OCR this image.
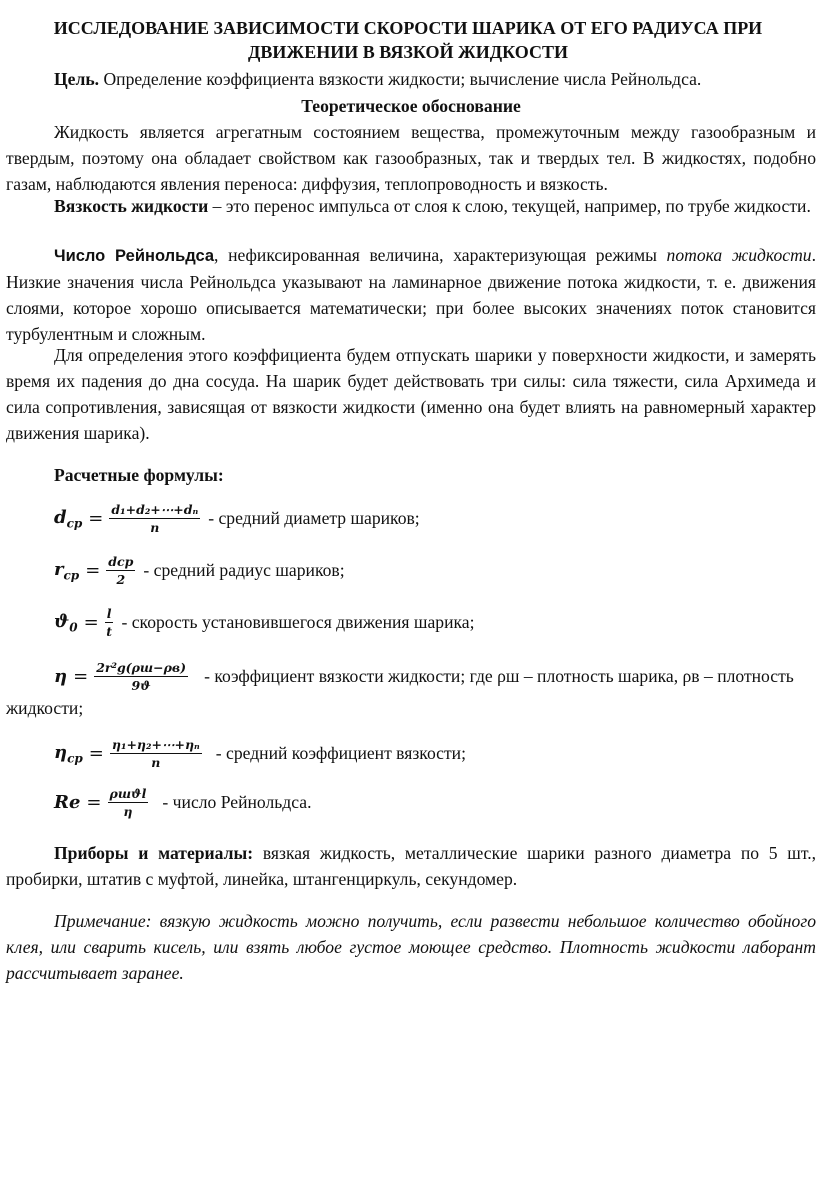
ИССЛЕДОВАНИЕ ЗАВИСИМОСТИ СКОРОСТИ ШАРИКА ОТ ЕГО РАДИУСА ПРИ
ДВИЖЕНИИ В ВЯЗКОЙ ЖИДКОСТИ
Цель. Определение коэффициента вязкости жидкости; вычисление числа Рейнольдса.
Теоретическое обоснование
Жидкость является агрегатным состоянием вещества, промежуточным между газообразным и твердым, поэтому она обладает свойством как газообразных, так и твердых тел. В жидкостях, подобно газам, наблюдаются явления переноса: диффузия, теплопроводность и вязкость.
Вязкость жидкости – это перенос импульса от слоя к слою, текущей, например, по трубе жидкости.
Число Рейнольдса, нефиксированная величина, характеризующая режимы потока жидкости. Низкие значения числа Рейнольдса указывают на ламинарное движение потока жидкости, т. е. движения слоями, которое хорошо описывается математически; при более высоких значениях поток становится турбулентным и сложным.
Для определения этого коэффициента будем отпускать шарики у поверхности жидкости, и замерять время их падения до дна сосуда. На шарик будет действовать три силы: сила тяжести, сила Архимеда и сила сопротивления, зависящая от вязкости жидкости (именно она будет влиять на равномерный характер движения шарика).
Расчетные формулы:
$d_{ср} = \frac{\text{d₁+d₂+⋯+dₙ}}{n}$ - средний диаметр шариков;
$r_{ср} = \frac{\text{dср}}{2}$ - средний радиус шариков;
$ϑ_0 = \frac{l}{t}$ - скорость установившегося движения шарика;
$\eta = \frac{\text{2r²g(ρш−ρв)}}{9ϑ}$ - коэффициент вязкости жидкости; где ρш – плотность шарика, ρв – плотность
жидкости;
$\eta_{ср} = \frac{\text{η₁+η₂+⋯+ηₙ}}{n}$ - средний коэффициент вязкости;
$Re = \frac{\text{ρшϑl}}{\eta}$ - число Рейнольдса.
Приборы и материалы: вязкая жидкость, металлические шарики разного диаметра по 5 шт., пробирки, штатив с муфтой, линейка, штангенциркуль, секундомер.
Примечание: вязкую жидкость можно получить, если развести небольшое количество обойного клея, или сварить кисель, или взять любое густое моющее средство. Плотность жидкости лаборант рассчитывает заранее.
